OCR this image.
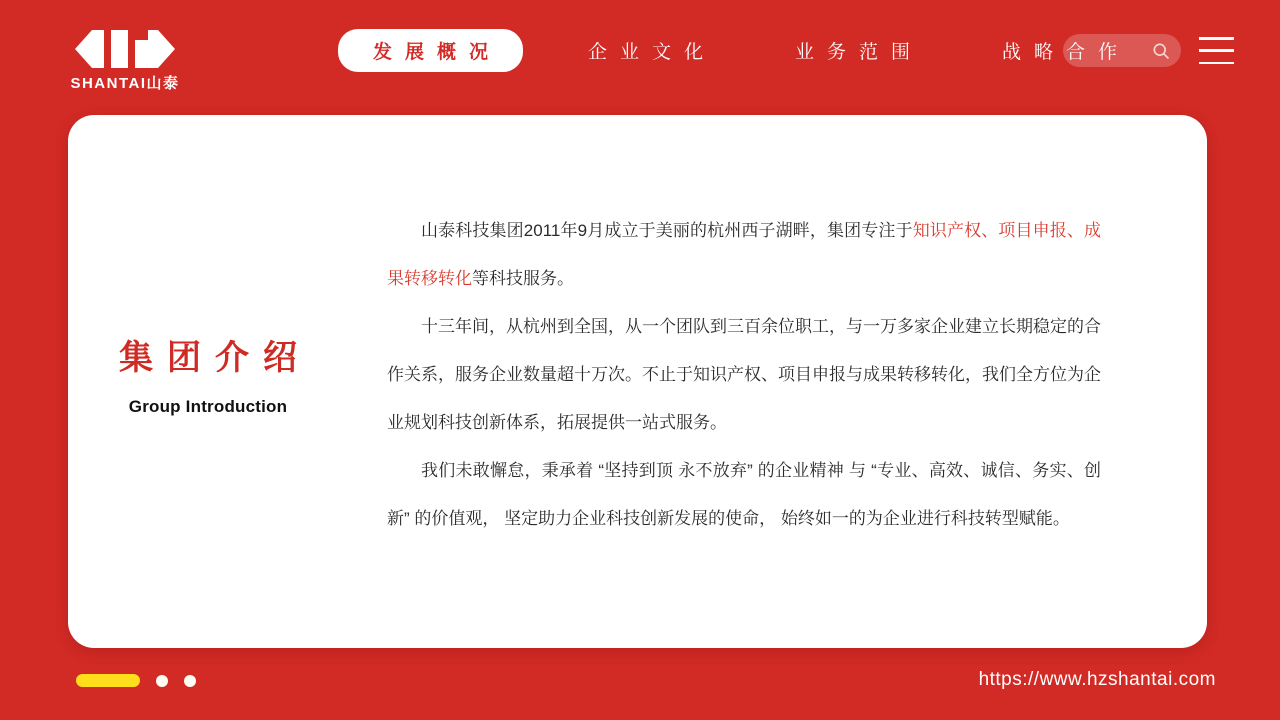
SHANTAI山泰
发展概况	企业文化	业务范围	战略合作
集团介绍
Group Introduction

山泰科技集团2011年9月成立于美丽的杭州西子湖畔，集团专注于知识产权、项目申报、成果转移转化等科技服务。

十三年间，从杭州到全国，从一个团队到三百余位职工，与一万多家企业建立长期稳定的合作关系，服务企业数量超十万次。不止于知识产权、项目申报与成果转移转化，我们全方位为企业规划科技创新体系，拓展提供一站式服务。

我们未敢懈怠，秉承着 “坚持到顶 永不放弃” 的企业精神 与 “专业、高效、诚信、务实、创新” 的价值观， 坚定助力企业科技创新发展的使命， 始终如一的为企业进行科技转型赋能。

https://www.hzshantai.com
